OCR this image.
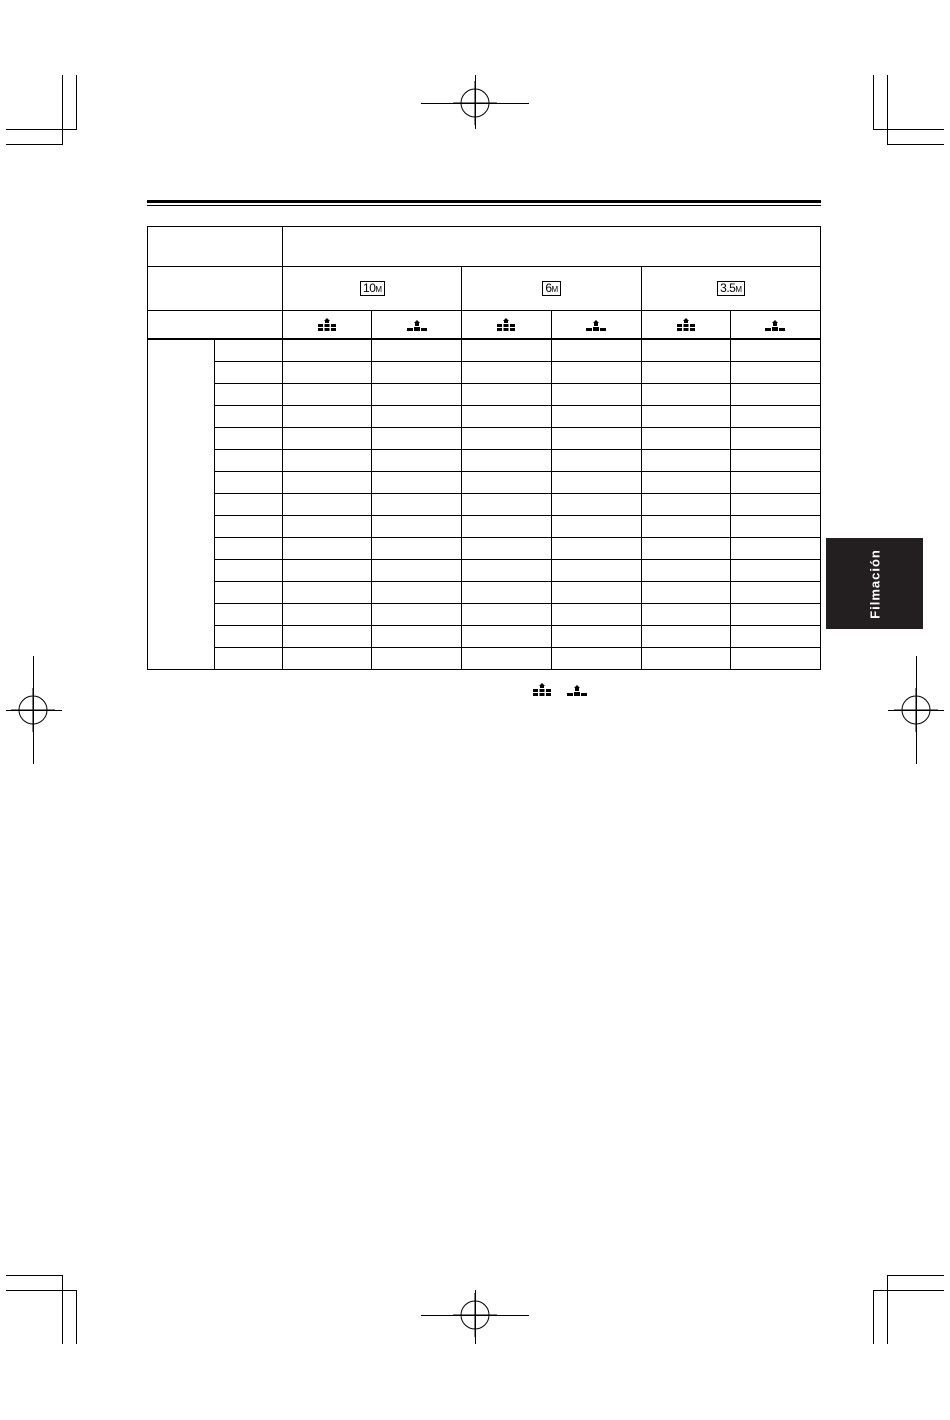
		10M		6M		3.5M	

Filmación
